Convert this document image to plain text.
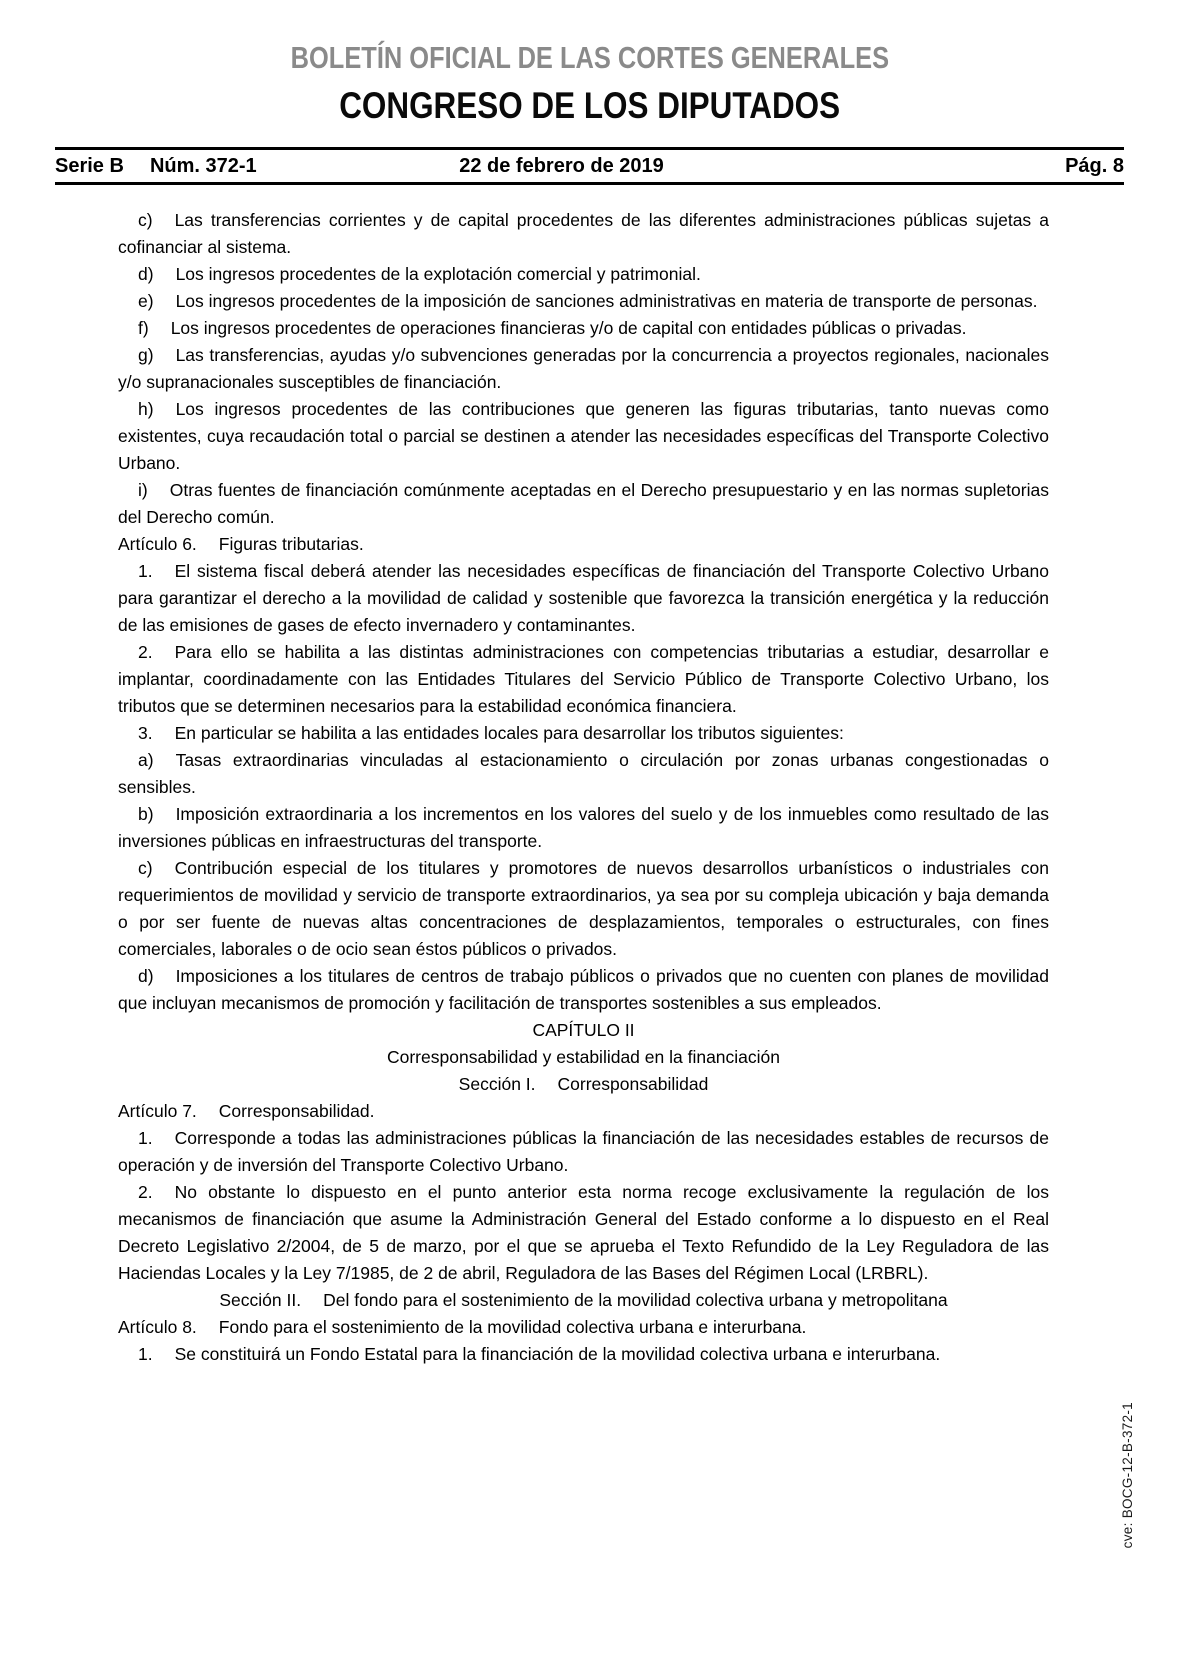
BOLETÍN OFICIAL DE LAS CORTES GENERALES
CONGRESO DE LOS DIPUTADOS
Serie B Núm. 372-1	22 de febrero de 2019	Pág. 8

c) Las transferencias corrientes y de capital procedentes de las diferentes administraciones públicas sujetas a cofinanciar al sistema.

d) Los ingresos procedentes de la explotación comercial y patrimonial.

e) Los ingresos procedentes de la imposición de sanciones administrativas en materia de transporte de personas.

f) Los ingresos procedentes de operaciones financieras y/o de capital con entidades públicas o privadas.

g) Las transferencias, ayudas y/o subvenciones generadas por la concurrencia a proyectos regionales, nacionales y/o supranacionales susceptibles de financiación.

h) Los ingresos procedentes de las contribuciones que generen las figuras tributarias, tanto nuevas como existentes, cuya recaudación total o parcial se destinen a atender las necesidades específicas del Transporte Colectivo Urbano.

i) Otras fuentes de financiación comúnmente aceptadas en el Derecho presupuestario y en las normas supletorias del Derecho común.

Artículo 6. Figuras tributarias.

1. El sistema fiscal deberá atender las necesidades específicas de financiación del Transporte Colectivo Urbano para garantizar el derecho a la movilidad de calidad y sostenible que favorezca la transición energética y la reducción de las emisiones de gases de efecto invernadero y contaminantes.

2. Para ello se habilita a las distintas administraciones con competencias tributarias a estudiar, desarrollar e implantar, coordinadamente con las Entidades Titulares del Servicio Público de Transporte Colectivo Urbano, los tributos que se determinen necesarios para la estabilidad económica financiera.

3. En particular se habilita a las entidades locales para desarrollar los tributos siguientes:

a) Tasas extraordinarias vinculadas al estacionamiento o circulación por zonas urbanas congestionadas o sensibles.

b) Imposición extraordinaria a los incrementos en los valores del suelo y de los inmuebles como resultado de las inversiones públicas en infraestructuras del transporte.

c) Contribución especial de los titulares y promotores de nuevos desarrollos urbanísticos o industriales con requerimientos de movilidad y servicio de transporte extraordinarios, ya sea por su compleja ubicación y baja demanda o por ser fuente de nuevas altas concentraciones de desplazamientos, temporales o estructurales, con fines comerciales, laborales o de ocio sean éstos públicos o privados.

d) Imposiciones a los titulares de centros de trabajo públicos o privados que no cuenten con planes de movilidad que incluyan mecanismos de promoción y facilitación de transportes sostenibles a sus empleados.

CAPÍTULO II

Corresponsabilidad y estabilidad en la financiación

Sección I. Corresponsabilidad

Artículo 7. Corresponsabilidad.

1. Corresponde a todas las administraciones públicas la financiación de las necesidades estables de recursos de operación y de inversión del Transporte Colectivo Urbano.

2. No obstante lo dispuesto en el punto anterior esta norma recoge exclusivamente la regulación de los mecanismos de financiación que asume la Administración General del Estado conforme a lo dispuesto en el Real Decreto Legislativo 2/2004, de 5 de marzo, por el que se aprueba el Texto Refundido de la Ley Reguladora de las Haciendas Locales y la Ley 7/1985, de 2 de abril, Reguladora de las Bases del Régimen Local (LRBRL).

Sección II. Del fondo para el sostenimiento de la movilidad colectiva urbana y metropolitana

Artículo 8. Fondo para el sostenimiento de la movilidad colectiva urbana e interurbana.

1. Se constituirá un Fondo Estatal para la financiación de la movilidad colectiva urbana e interurbana.

cve: BOCG-12-B-372-1
